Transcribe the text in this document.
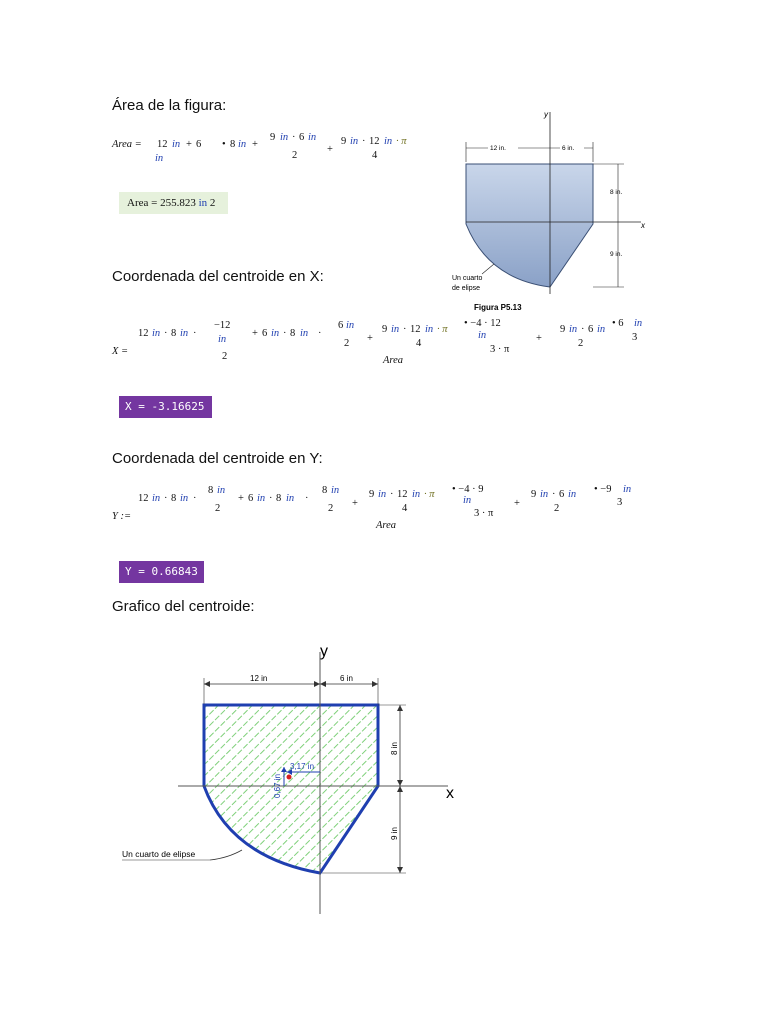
Área de la figura:
Area = 12 in + 6
in
• 8 in +
9 in · 6 in
2
+
9 in · 12 in · π
4
Area = 255.823 in 2
y
x
12 in.	6 in.
8 in.
9 in.
Un cuarto
de elipse
Figura P5.13
Coordenada del centroide en X:
X =
12 in · 8 in ·
−12
in
2
+ 6 in · 8 in ·
6 in
2 +
9 in · 12 in · π
4
• −4 · 12
in
3 · π
Area
+
9 in · 6 in
2
• 6 in
3
X = -3.16625 in
Coordenada del centroide en Y:
Y :=
12 in · 8 in ·
8 in
2
+ 6 in · 8 in ·
8 in
2 +
9 in · 12 in · π
4
• −4 · 9
in
3 · π
Area
+
9 in · 6 in
2
• −9 in
3
Y = 0.66843 in
Grafico del centroide:
y
x
12 in	6 in
8 in
9 in
3,17 in
0,67 in
Un cuarto de elipse
